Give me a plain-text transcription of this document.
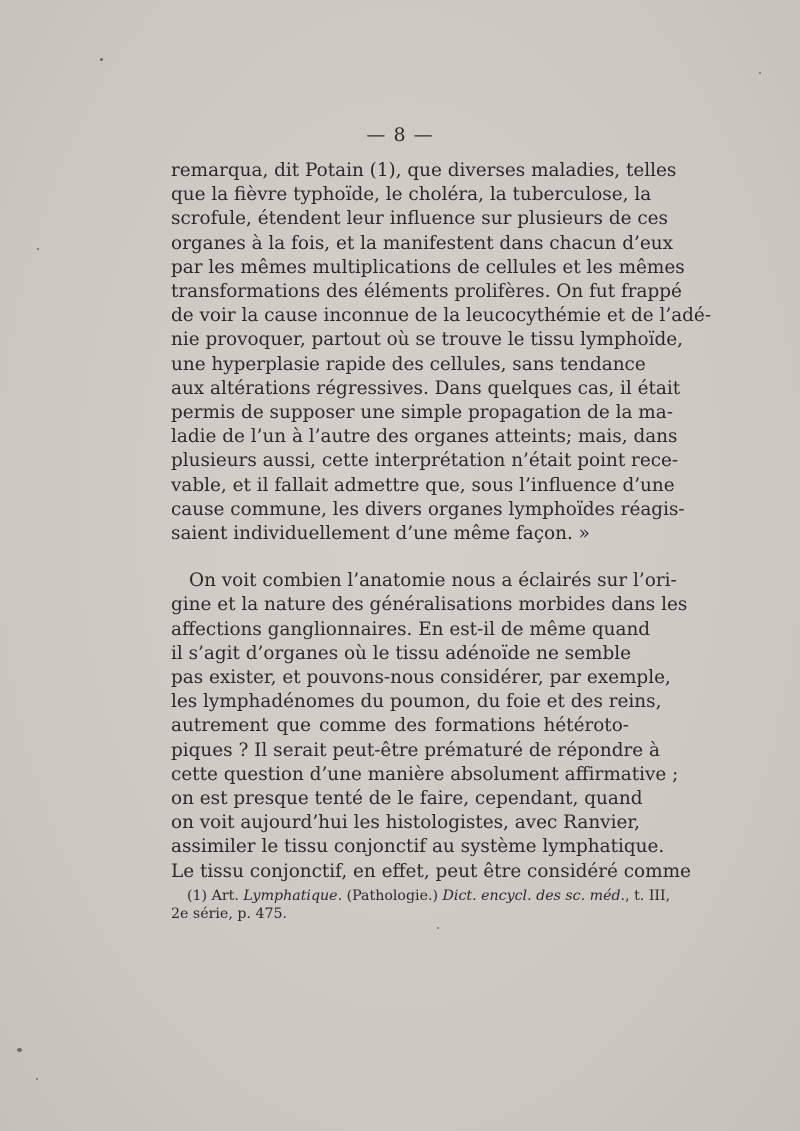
— 8 —

remarqua, dit Potain (1), que diverses maladies, telles
que la fièvre typhoïde, le choléra, la tuberculose, la
scrofule, étendent leur influence sur plusieurs de ces
organes à la fois, et la manifestent dans chacun d’eux
par les mêmes multiplications de cellules et les mêmes
transformations des éléments prolifères. On fut frappé
de voir la cause inconnue de la leucocythémie et de l’adé-
nie provoquer, partout où se trouve le tissu lymphoïde,
une hyperplasie rapide des cellules, sans tendance
aux altérations régressives. Dans quelques cas, il était
permis de supposer une simple propagation de la ma-
ladie de l’un à l’autre des organes atteints; mais, dans
plusieurs aussi, cette interprétation n’était point rece-
vable, et il fallait admettre que, sous l’influence d’une
cause commune, les divers organes lymphoïdes réagis-
saient individuellement d’une même façon. »

On voit combien l’anatomie nous a éclairés sur l’ori-
gine et la nature des généralisations morbides dans les
affections ganglionnaires. En est-il de même quand
il s’agit d’organes où le tissu adénoïde ne semble
pas exister, et pouvons-nous considérer, par exemple,
les lymphadénomes du poumon, du foie et des reins,
autrement que comme des formations hétéroto-
piques ? Il serait peut-être prématuré de répondre à
cette question d’une manière absolument affirmative ;
on est presque tenté de le faire, cependant, quand
on voit aujourd’hui les histologistes, avec Ranvier,
assimiler le tissu conjonctif au système lymphatique.
Le tissu conjonctif, en effet, peut être considéré comme

(1) Art. Lymphatique. (Pathologie.) Dict. encycl. des sc. méd., t. III,
2e série, p. 475.
